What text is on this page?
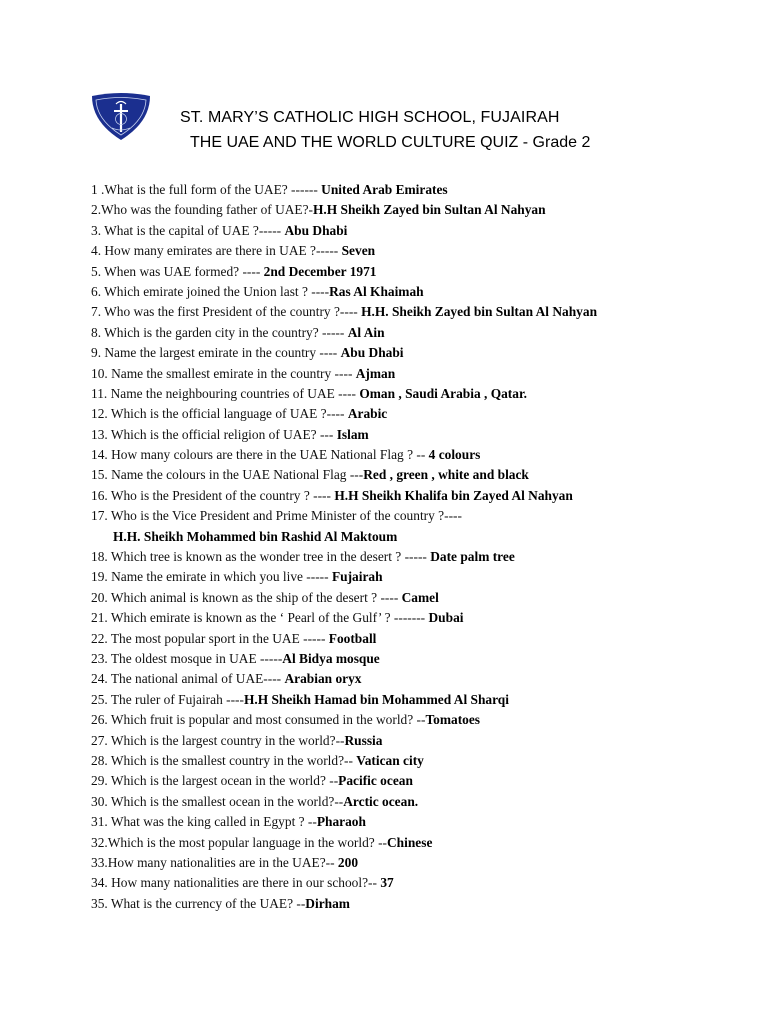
ST. MARY’S CATHOLIC HIGH SCHOOL, FUJAIRAH
THE UAE AND THE WORLD CULTURE QUIZ - Grade 2
1 .What is the full form of the UAE? ------ United Arab Emirates
2.Who was the founding father of UAE?-H.H Sheikh Zayed bin Sultan Al Nahyan
3. What is the capital of UAE ?----- Abu Dhabi
4. How many emirates are there in UAE ?----- Seven
5. When was UAE formed? ---- 2nd December 1971
6. Which emirate joined the Union last ? ----Ras Al Khaimah
7. Who was the first President of the country ?---- H.H. Sheikh Zayed bin Sultan Al Nahyan
8. Which is the garden city in the country? ----- Al Ain
9. Name the largest emirate in the country ---- Abu Dhabi
10. Name the smallest emirate in the country ---- Ajman
11. Name the neighbouring countries of UAE ---- Oman , Saudi Arabia , Qatar.
12. Which is the official language of UAE ?---- Arabic
13. Which is the official religion of UAE? --- Islam
14. How many colours are there in the UAE National Flag ? -- 4 colours
15. Name the colours in the UAE National Flag ---Red , green , white and black
16. Who is the President of the country ? ---- H.H Sheikh Khalifa bin Zayed Al Nahyan
17. Who is the Vice President and Prime Minister of the country ?----
H.H. Sheikh Mohammed bin Rashid Al Maktoum
18. Which tree is known as the wonder tree in the desert ? ----- Date palm tree
19. Name the emirate in which you live ----- Fujairah
20. Which animal is known as the ship of the desert ? ---- Camel
21. Which emirate is known as the ‘ Pearl of the Gulf’ ? ------- Dubai
22. The most popular sport in the UAE ----- Football
23. The oldest mosque in UAE -----Al Bidya mosque
24. The national animal of UAE---- Arabian oryx
25. The ruler of Fujairah ----H.H Sheikh Hamad bin Mohammed Al Sharqi
26. Which fruit is popular and most consumed in the world? --Tomatoes
27. Which is the largest country in the world?--Russia
28. Which is the smallest country in the world?-- Vatican city
29. Which is the largest ocean in the world? --Pacific ocean
30. Which is the smallest ocean in the world?--Arctic ocean.
31. What was the king called in Egypt ? --Pharaoh
32.Which is the most popular language in the world? --Chinese
33.How many nationalities are in the UAE?-- 200
34. How many nationalities are there in our school?-- 37
35. What is the currency of the UAE? --Dirham
